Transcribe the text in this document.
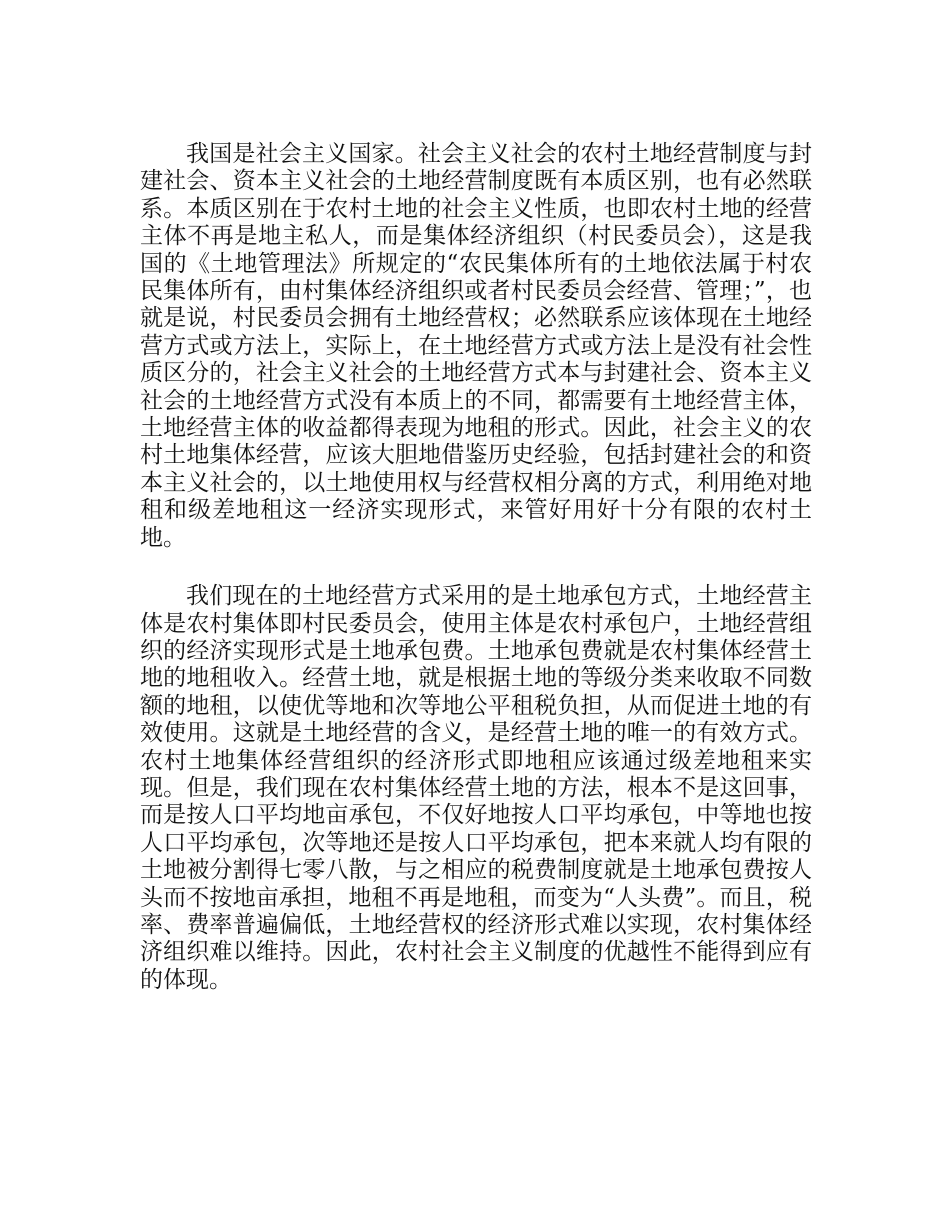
我国是社会主义国家。社会主义社会的农村土地经营制度与封建社会、资本主义社会的土地经营制度既有本质区别，也有必然联系。本质区别在于农村土地的社会主义性质，也即农村土地的经营主体不再是地主私人，而是集体经济组织（村民委员会），这是我国的《土地管理法》所规定的“农民集体所有的土地依法属于村农民集体所有，由村集体经济组织或者村民委员会经营、管理；”，也就是说，村民委员会拥有土地经营权；必然联系应该体现在土地经营方式或方法上，实际上，在土地经营方式或方法上是没有社会性质区分的，社会主义社会的土地经营方式本与封建社会、资本主义社会的土地经营方式没有本质上的不同，都需要有土地经营主体，土地经营主体的收益都得表现为地租的形式。因此，社会主义的农村土地集体经营，应该大胆地借鉴历史经验，包括封建社会的和资本主义社会的，以土地使用权与经营权相分离的方式，利用绝对地租和级差地租这一经济实现形式，来管好用好十分有限的农村土地。

我们现在的土地经营方式采用的是土地承包方式，土地经营主体是农村集体即村民委员会，使用主体是农村承包户，土地经营组织的经济实现形式是土地承包费。土地承包费就是农村集体经营土地的地租收入。经营土地，就是根据土地的等级分类来收取不同数额的地租，以使优等地和次等地公平租税负担，从而促进土地的有效使用。这就是土地经营的含义，是经营土地的唯一的有效方式。农村土地集体经营组织的经济形式即地租应该通过级差地租来实现。但是，我们现在农村集体经营土地的方法，根本不是这回事，而是按人口平均地亩承包，不仅好地按人口平均承包，中等地也按人口平均承包，次等地还是按人口平均承包，把本来就人均有限的土地被分割得七零八散，与之相应的税费制度就是土地承包费按人头而不按地亩承担，地租不再是地租，而变为“人头费”。而且，税率、费率普遍偏低，土地经营权的经济形式难以实现，农村集体经济组织难以维持。因此，农村社会主义制度的优越性不能得到应有的体现。
